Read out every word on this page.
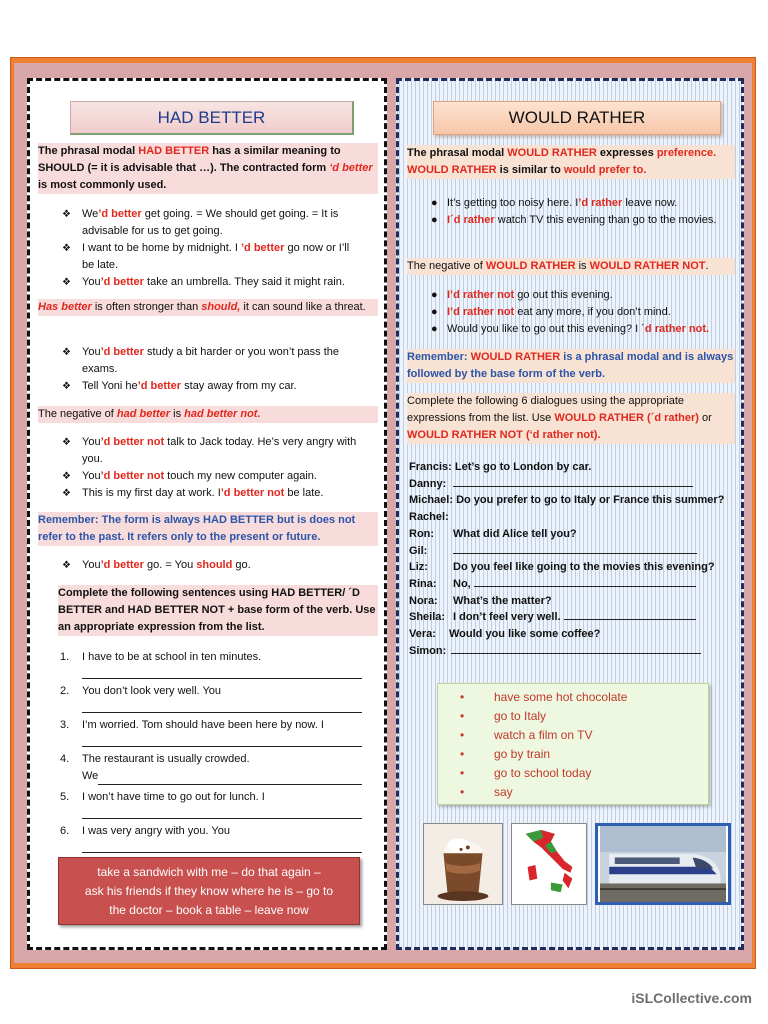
HAD BETTER
The phrasal modal HAD BETTER has a similar meaning to SHOULD (= it is advisable that …). The contracted form ‘d better is most commonly used.
❖ We’d better get going. = We should get going. = It is advisable for us to get going.
❖ I want to be home by midnight. I ’d better go now or I’ll be late.
❖ You’d better take an umbrella. They said it might rain.
Has better is often stronger than should, it can sound like a threat.
❖ You’d better study a bit harder or you won’t pass the exams.
❖ Tell Yoni he’d better stay away from my car.
The negative of had better is had better not.
❖ You’d better not talk to Jack today. He’s very angry with you.
❖ You’d better not touch my new computer again.
❖ This is my first day at work. I’d better not be late.
Remember: The form is always HAD BETTER but is does not refer to the past. It refers only to the present or future.
❖ You’d better go. = You should go.
Complete the following sentences using HAD BETTER/ ´D BETTER and HAD BETTER NOT + base form of the verb. Use an appropriate expression from the list.
1. I have to be at school in ten minutes.
2. You don’t look very well. You
3. I’m worried. Tom should have been here by now. I
4. The restaurant is usually crowded.
We
5. I won’t have time to go out for lunch. I
6. I was very angry with you. You
take a sandwich with me – do that again –
ask his friends if they know where he is – go to
the doctor – book a table – leave now
WOULD RATHER
The phrasal modal WOULD RATHER expresses preference.
WOULD RATHER is similar to would prefer to.
● It’s getting too noisy here. I’d rather leave now.
● I´d rather watch TV this evening than go to the movies.
The negative of WOULD RATHER is WOULD RATHER NOT.
● I’d rather not go out this evening.
● I’d rather not eat any more, if you don’t mind.
● Would you like to go out this evening? I ´d rather not.
Remember: WOULD RATHER is a phrasal modal and is always followed by the base form of the verb.
Complete the following 6 dialogues using the appropriate expressions from the list. Use WOULD RATHER (´d rather) or
WOULD RATHER NOT (‘d rather not).
Francis:
Let’s go to London by car.
Danny:
Michael:
Do you prefer to go to Italy or France this summer?
Rachel:
Ron:	What did Alice tell you?
Gil:
Liz:	Do you feel like going to the movies this evening?
Rina:	No,

Nora:	What’s the matter?
Sheila: I don’t feel very well.

Vera:	Would you like some coffee?
Simon:
• have some hot chocolate
• go to Italy
• watch a film on TV
• go by train
• go to school today
• say
iSLCollective.com
